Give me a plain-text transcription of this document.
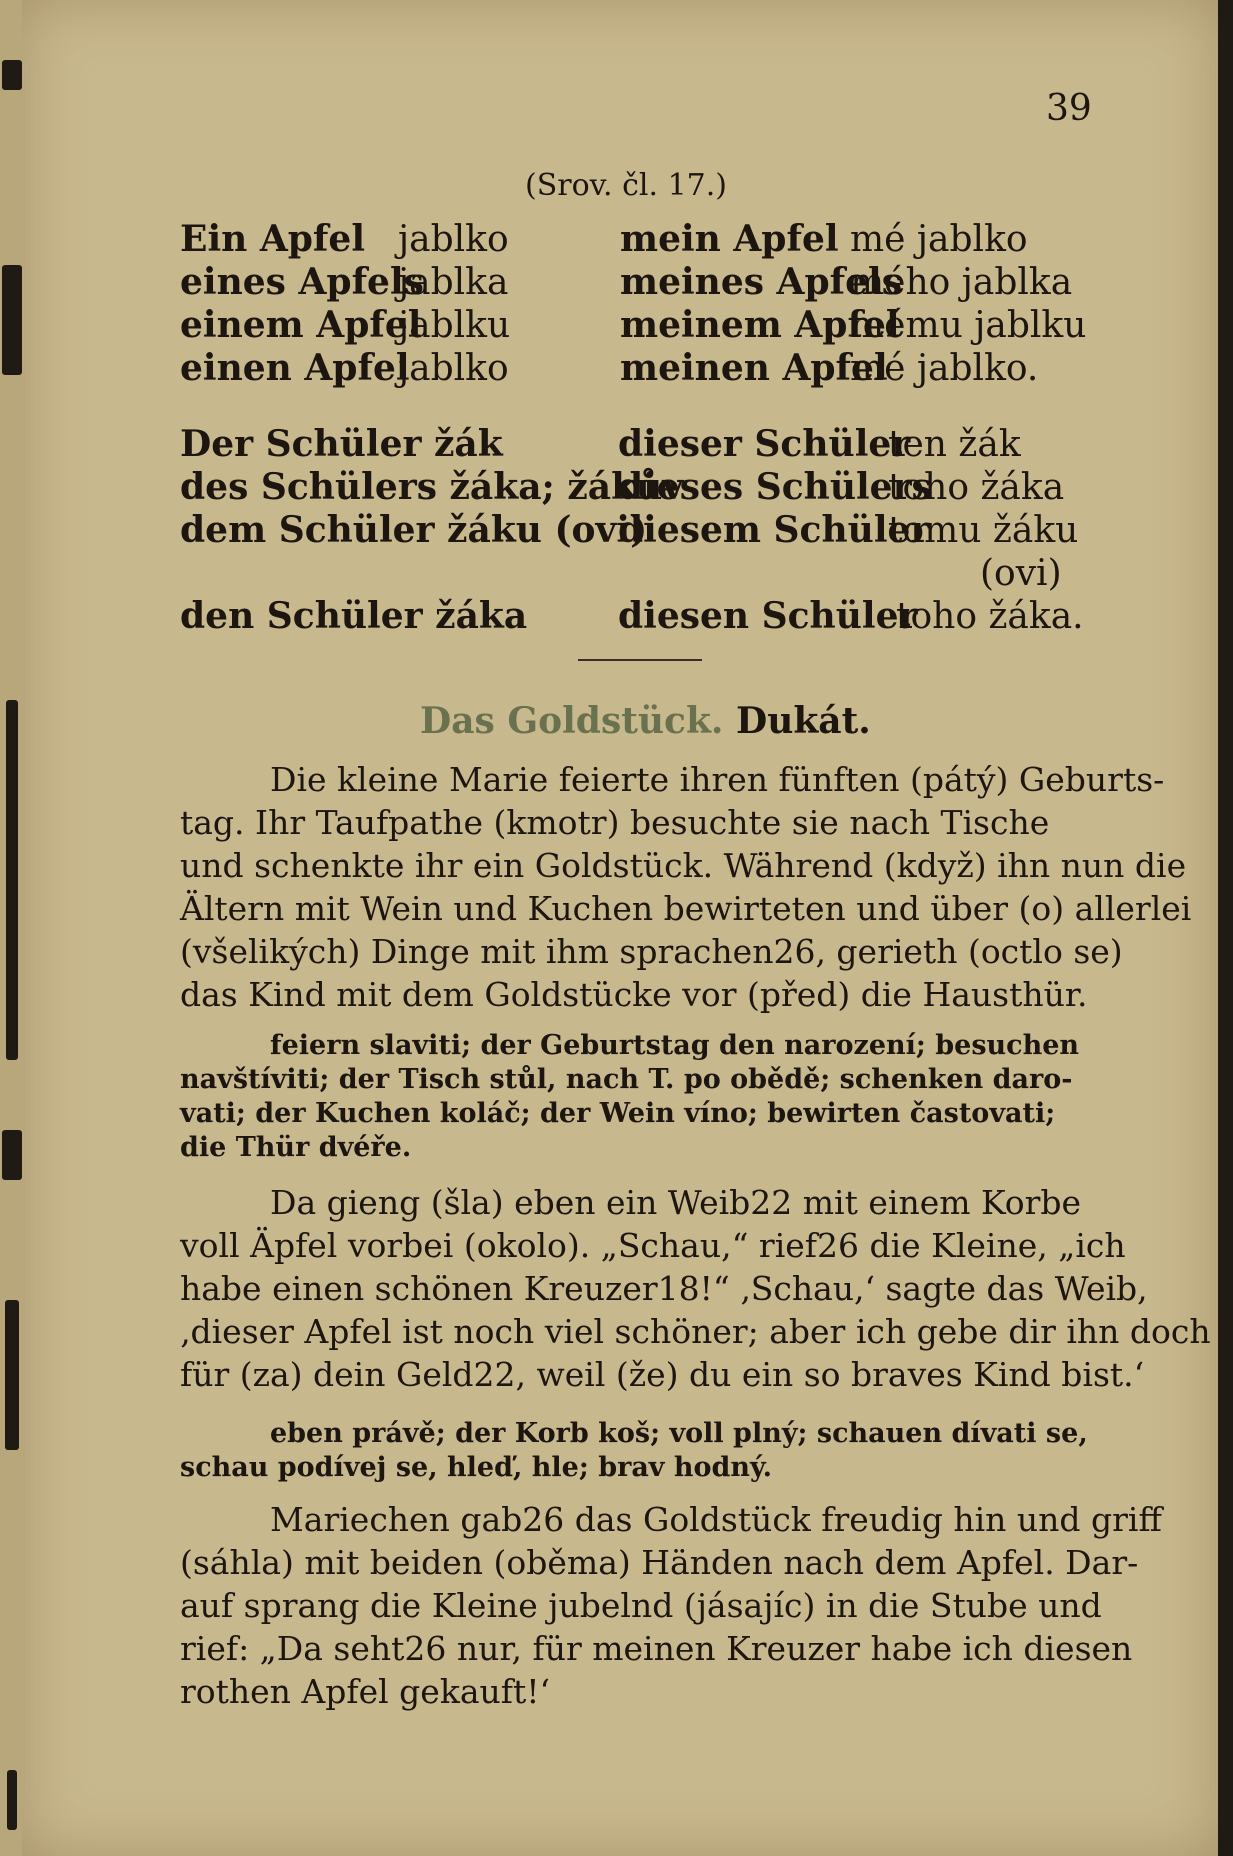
39
(Srov. čl. 17.)
Ein Apfel
eines Apfels
einem Apfel
einen Apfel
jablko
jablka
jablku
jablko
mein Apfel
meines Apfels
meinem Apfel
meinen Apfel
mé jablko
mého jablka
mému jablku
mé jablko.
Der Schüler žák
des Schülers žáka; žákův
dem Schüler žáku (ovi)
den Schüler žáka
dieser Schüler
dieses Schülers
diesem Schüler
diesen Schüler
ten žák
toho žáka
tomu žáku
(ovi)
toho žáka.
Das Goldstück. Dukát.
Die kleine Marie feierte ihren fünften (pátý) Geburts-
tag. Ihr Taufpathe (kmotr) besuchte sie nach Tische
und schenkte ihr ein Goldstück. Während (když) ihn nun die
Ältern mit Wein und Kuchen bewirteten und über (o) allerlei
(všelikých) Dinge mit ihm sprachen26, gerieth (octlo se)
das Kind mit dem Goldstücke vor (před) die Hausthür.
feiern slaviti; der Geburtstag den narození; besuchen
navštíviti; der Tisch stůl, nach T. po obědě; schenken daro-
vati; der Kuchen koláč; der Wein víno; bewirten častovati;
die Thür dvéře.
Da gieng (šla) eben ein Weib22 mit einem Korbe
voll Äpfel vorbei (okolo). „Schau,“ rief26 die Kleine, „ich
habe einen schönen Kreuzer18!“ ‚Schau,‘ sagte das Weib,
‚dieser Apfel ist noch viel schöner; aber ich gebe dir ihn doch
für (za) dein Geld22, weil (že) du ein so braves Kind bist.‘
eben právě; der Korb koš; voll plný; schauen dívati se,
schau podívej se, hleď, hle; brav hodný.
Mariechen gab26 das Goldstück freudig hin und griff
(sáhla) mit beiden (oběma) Händen nach dem Apfel. Dar-
auf sprang die Kleine jubelnd (jásajíc) in die Stube und
rief: „Da seht26 nur, für meinen Kreuzer habe ich diesen
rothen Apfel gekauft!‘
